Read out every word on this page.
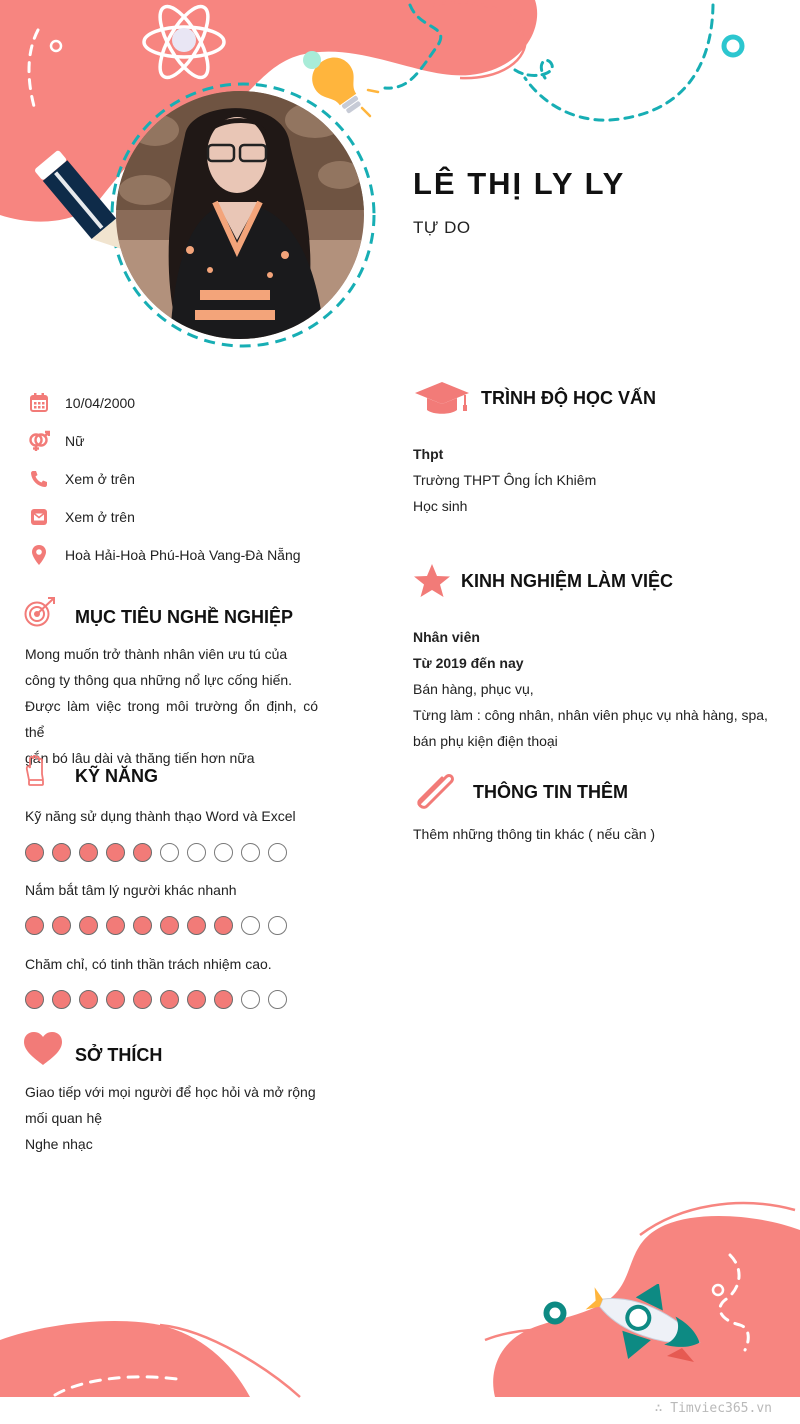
LÊ THỊ LY LY
TỰ DO
10/04/2000
Nữ
Xem ở trên
Xem ở trên
Hoà Hải-Hoà Phú-Hoà Vang-Đà Nẵng
MỤC TIÊU NGHỀ NGHIỆP
Mong muốn trở thành nhân viên ưu tú của
công ty thông qua những nổ lực cống hiến.
Được làm việc trong môi trường ổn định, có thể
gắn bó lâu dài và thăng tiến hơn nữa
KỸ NĂNG
Kỹ năng sử dụng thành thạo Word và Excel
Nắm bắt tâm lý người khác nhanh
Chăm chỉ, có tinh thần trách nhiệm cao.
SỞ THÍCH
Giao tiếp với mọi người để học hỏi và mở rộng
mối quan hệ
Nghe nhạc
TRÌNH ĐỘ HỌC VẤN
Thpt
Trường THPT Ông Ích Khiêm
Học sinh
KINH NGHIỆM LÀM VIỆC
Nhân viên
Từ 2019 đến nay
Bán hàng, phục vụ,
Từng làm : công nhân, nhân viên phục vụ nhà hàng, spa,
bán phụ kiện điện thoại
THÔNG TIN THÊM
Thêm những thông tin khác ( nếu cần )
∴ Timviec365.vn
